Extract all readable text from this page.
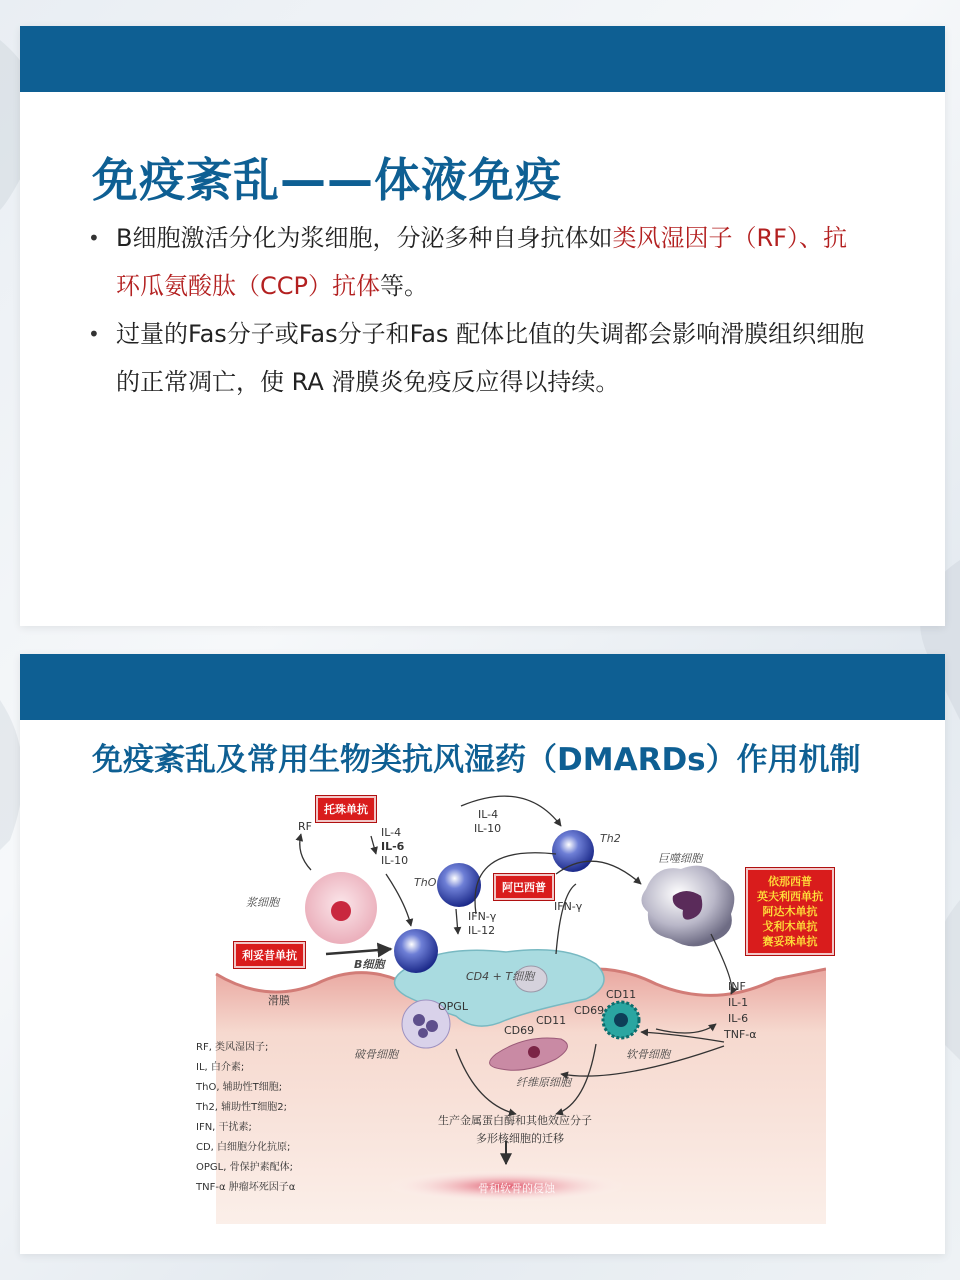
免疫紊乱——体液免疫
• B细胞激活分化为浆细胞，分泌多种自身抗体如类风湿因子（RF）、抗环瓜氨酸肽（CCP）抗体等。
• 过量的Fas分子或Fas分子和Fas 配体比值的失调都会影响滑膜组织细胞的正常凋亡，使 RA 滑膜炎免疫反应得以持续。
免疫紊乱及常用生物类抗风湿药（DMARDs）作用机制
托珠单抗
阿巴西普
利妥昔单抗
依那西普
英夫利西单抗
阿达木单抗
戈利木单抗
赛妥珠单抗
RF	IL-4
IL-6
IL-10
IL-4
IL-10
Th2
ThO
巨噬细胞
浆细胞
IFN-γ
IL-12
IFN-γ
B细胞
CD4 + T细胞
滑膜	OPGL
CD11
CD69
CD11
CD69
破骨细胞	软骨细胞
纤维原细胞
INF
IL-1
IL-6
TNF-α
生产金属蛋白酶和其他效应分子
多形核细胞的迁移
骨和软骨的侵蚀
RF, 类风湿因子;
IL, 白介素;
ThO, 辅助性T细胞;
Th2, 辅助性T细胞2;
IFN, 干扰素;
CD, 白细胞分化抗原;
OPGL, 骨保护素配体;
TNF-α 肿瘤坏死因子α
